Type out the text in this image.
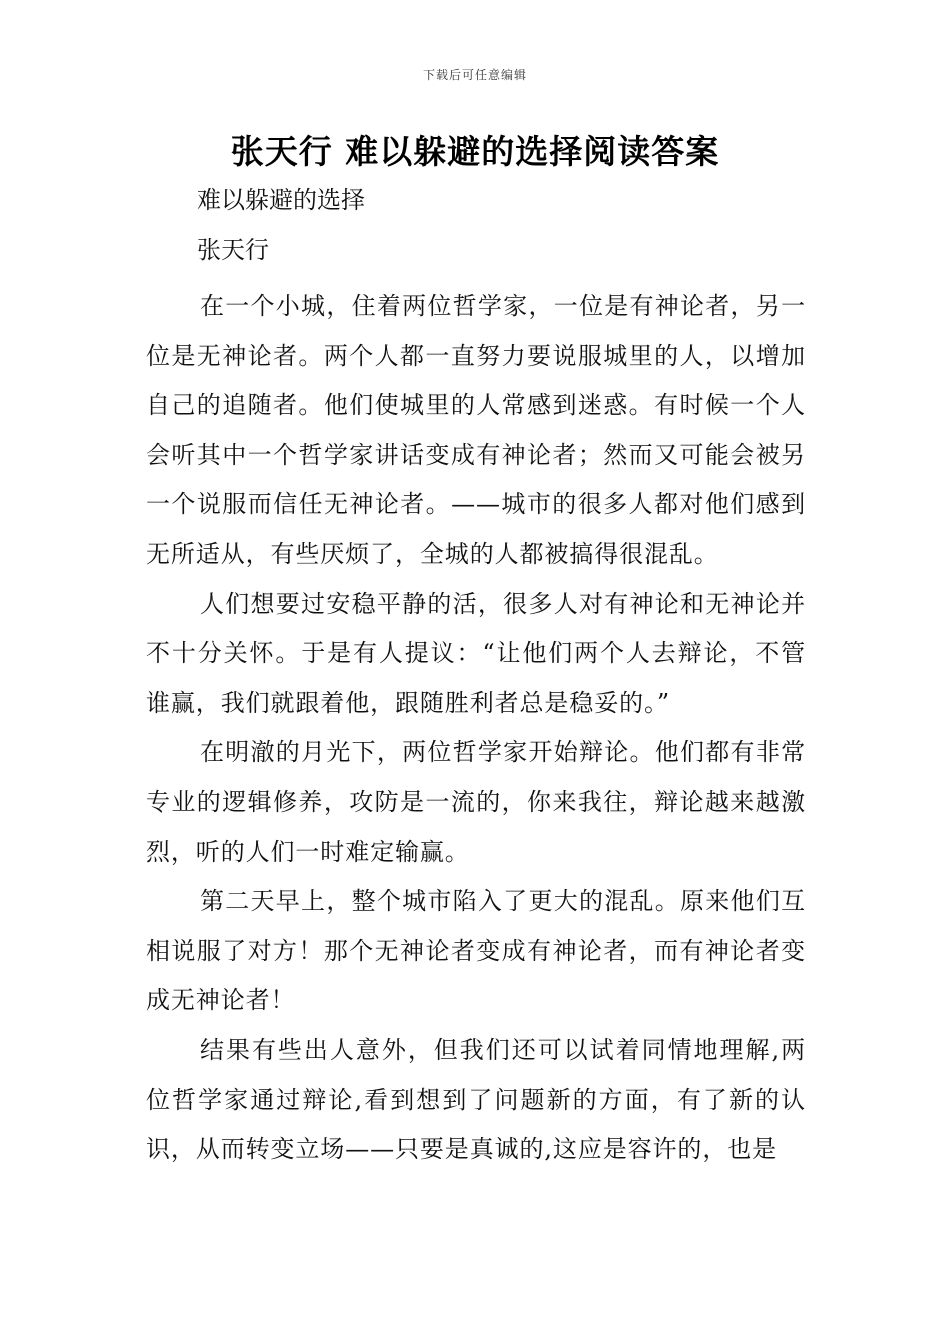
下载后可任意编辑
张天行 难以躲避的选择阅读答案

难以躲避的选择

张天行

在一个小城，住着两位哲学家，一位是有神论者，另一位是无神论者。两个人都一直努力要说服城里的人，以增加自己的追随者。他们使城里的人常感到迷惑。有时候一个人会听其中一个哲学家讲话变成有神论者；然而又可能会被另一个说服而信任无神论者。——城市的很多人都对他们感到无所适从，有些厌烦了，全城的人都被搞得很混乱。

人们想要过安稳平静的活，很多人对有神论和无神论并不十分关怀。于是有人提议：“让他们两个人去辩论，不管谁赢，我们就跟着他，跟随胜利者总是稳妥的。”

在明澈的月光下，两位哲学家开始辩论。他们都有非常专业的逻辑修养，攻防是一流的，你来我往，辩论越来越激烈，听的人们一时难定输赢。

第二天早上，整个城市陷入了更大的混乱。原来他们互相说服了对方！那个无神论者变成有神论者，而有神论者变成无神论者！

结果有些出人意外，但我们还可以试着同情地理解,两位哲学家通过辩论,看到想到了问题新的方面，有了新的认识，从而转变立场——只要是真诚的,这应是容许的，也是
